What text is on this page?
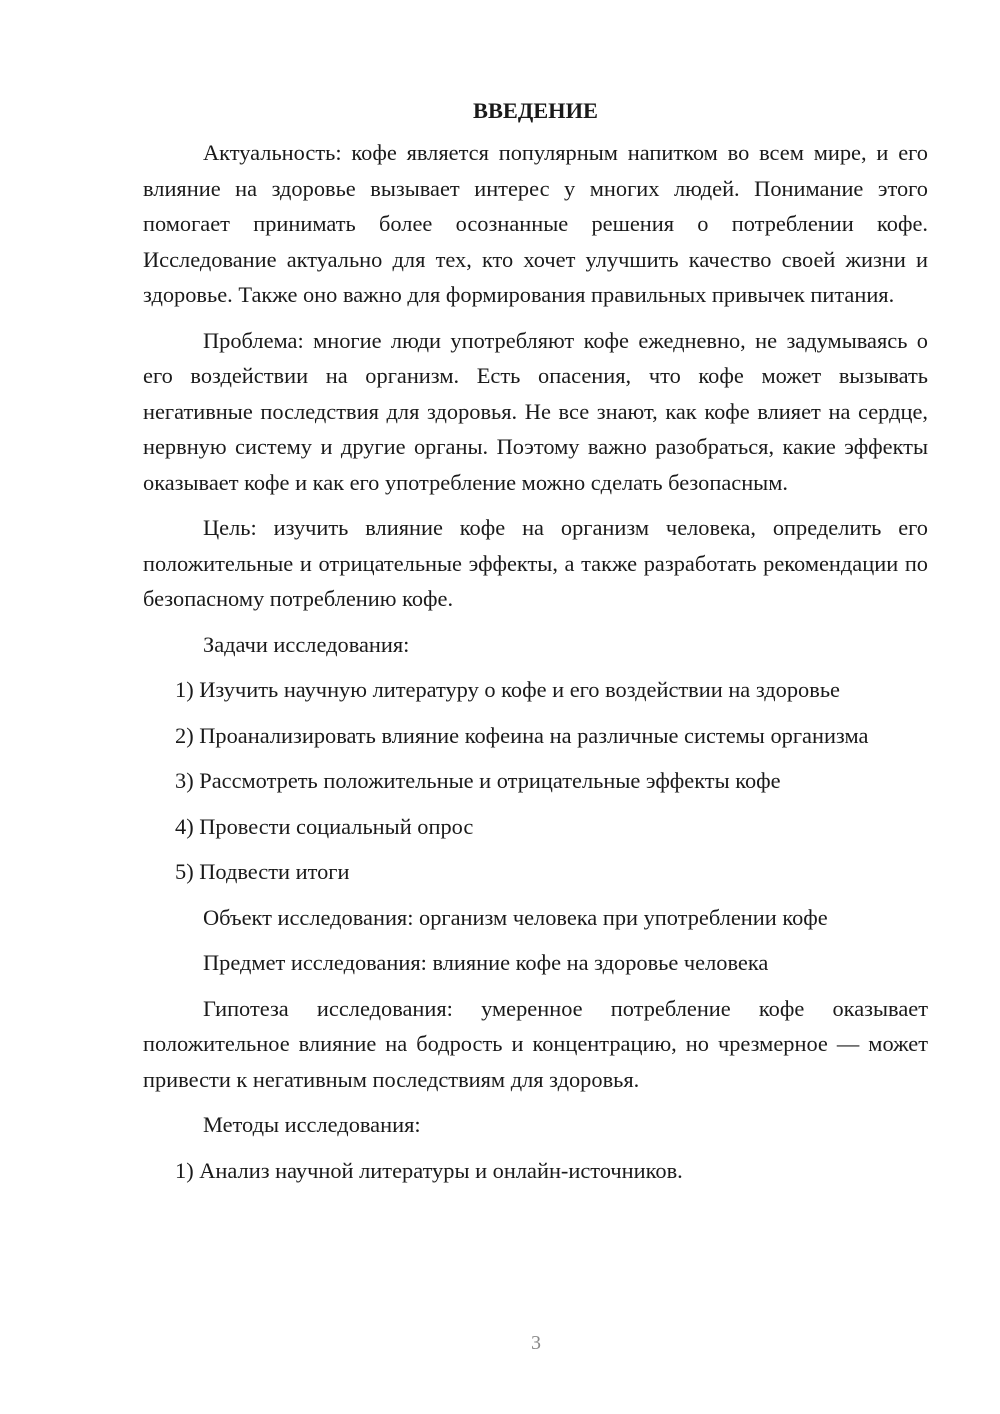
ВВЕДЕНИЕ

Актуальность: кофе является популярным напитком во всем мире, и его влияние на здоровье вызывает интерес у многих людей. Понимание этого помогает принимать более осознанные решения о потреблении кофе. Исследование актуально для тех, кто хочет улучшить качество своей жизни и здоровье. Также оно важно для формирования правильных привычек питания.

Проблема: многие люди употребляют кофе ежедневно, не задумываясь о его воздействии на организм. Есть опасения, что кофе может вызывать негативные последствия для здоровья. Не все знают, как кофе влияет на сердце, нервную систему и другие органы. Поэтому важно разобраться, какие эффекты оказывает кофе и как его употребление можно сделать безопасным.

Цель: изучить влияние кофе на организм человека, определить его положительные и отрицательные эффекты, а также разработать рекомендации по безопасному потреблению кофе.

Задачи исследования:

1) Изучить научную литературу о кофе и его воздействии на здоровье

2) Проанализировать влияние кофеина на различные системы организма

3) Рассмотреть положительные и отрицательные эффекты кофе

4) Провести социальный опрос

5) Подвести итоги

Объект исследования: организм человека при употреблении кофе

Предмет исследования: влияние кофе на здоровье человека

Гипотеза исследования: умеренное потребление кофе оказывает положительное влияние на бодрость и концентрацию, но чрезмерное — может привести к негативным последствиям для здоровья.

Методы исследования:

1) Анализ научной литературы и онлайн-источников.

3
